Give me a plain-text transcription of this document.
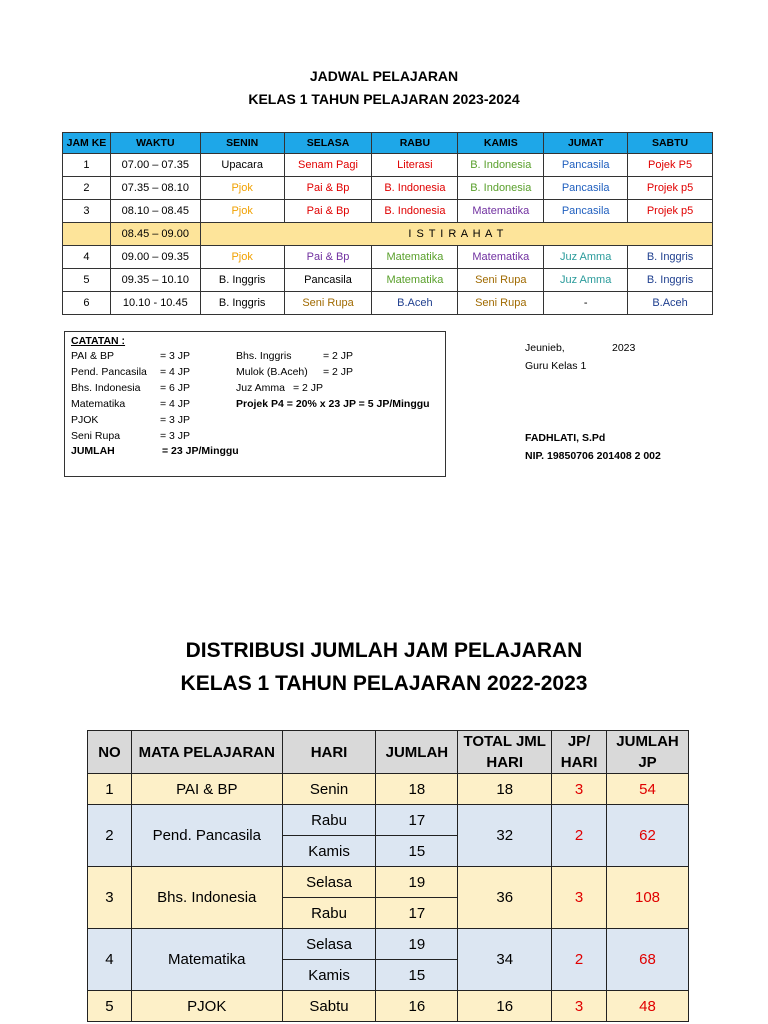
JADWAL PELAJARAN
KELAS 1 TAHUN PELAJARAN 2023-2024
JAM KE	WAKTU	SENIN	SELASA	RABU	KAMIS	JUMAT	SABTU
1	07.00 – 07.35	Upacara	Senam Pagi	Literasi	B. Indonesia	Pancasila	Pojek P5
2	07.35 – 08.10	Pjok	Pai & Bp	B. Indonesia	B. Indonesia	Pancasila	Projek p5
3	08.10 – 08.45	Pjok	Pai & Bp	B. Indonesia	Matematika	Pancasila	Projek p5
	08.45 – 09.00	I S T I R A H A T					
4	09.00 – 09.35	Pjok	Pai & Bp	Matematika	Matematika	Juz Amma	B. Inggris
5	09.35 – 10.10	B. Inggris	Pancasila	Matematika	Seni Rupa	Juz Amma	B. Inggris
6	10.10 - 10.45	B. Inggris	Seni Rupa	B.Aceh	Seni Rupa	-	B.Aceh
CATATAN :
PAI & BP	= 3 JP
Pend. Pancasila = 4 JP
Bhs. Indonesia = 6 JP
Matematika	= 4 JP
PJOK	= 3 JP
Seni Rupa	= 3 JP
JUMLAH	= 23 JP/Minggu
Bhs. Inggris	= 2 JP
Mulok (B.Aceh) = 2 JP
Juz Amma = 2 JP
Projek P4 = 20% x 23 JP = 5 JP/Minggu
Jeunieb,	2023
Guru Kelas 1
FADHLATI, S.Pd
NIP. 19850706 201408 2 002
DISTRIBUSI JUMLAH JAM PELAJARAN
KELAS 1 TAHUN PELAJARAN 2022-2023
NO	MATA PELAJARAN	HARI	JUMLAH	TOTAL JML HARI	JP/ HARI	JUMLAH JP
1	PAI & BP	Senin	18	18	3	54
2	Pend. Pancasila	Rabu	17	32	2	62
		Kamis	15			
3	Bhs. Indonesia	Selasa	19	36	3	108
		Rabu	17			
4	Matematika	Selasa	19	34	2	68
		Kamis	15			
5	PJOK	Sabtu	16	16	3	48
